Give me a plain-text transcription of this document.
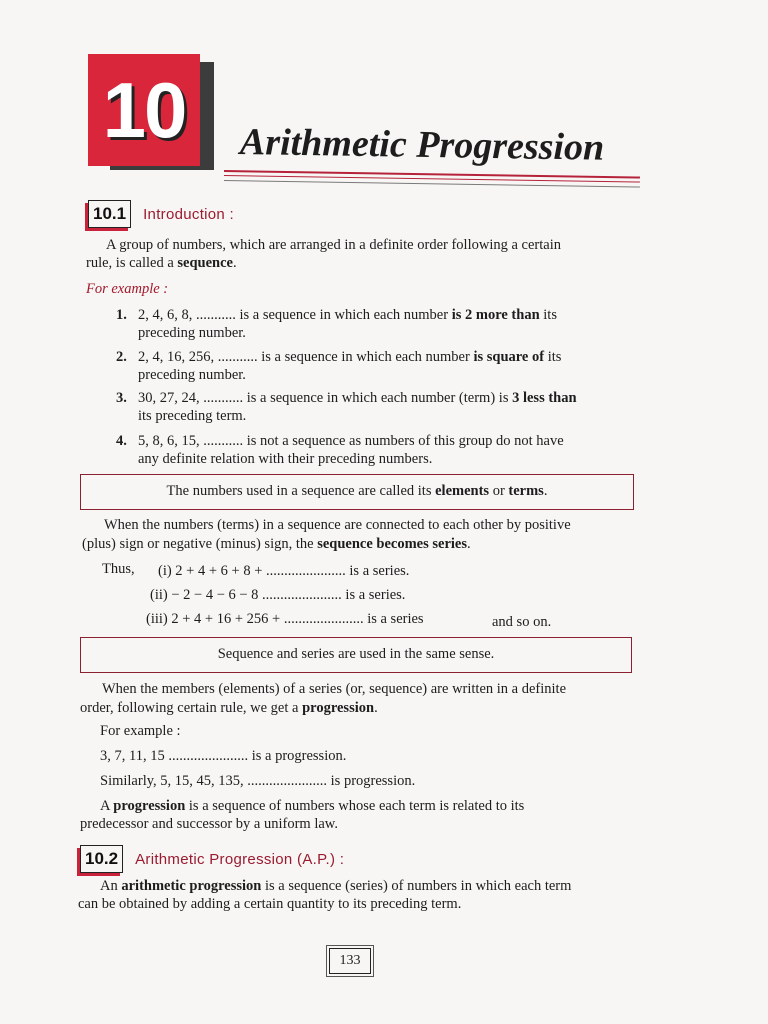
10 Arithmetic Progression
10.1	Introduction :
A group of numbers, which are arranged in a definite order following a certain
rule, is called a sequence.
For example :
1. 2, 4, 6, 8, ........... is a sequence in which each number is 2 more than its
preceding number.
2. 2, 4, 16, 256, ........... is a sequence in which each number is square of its
preceding number.
3. 30, 27, 24, ........... is a sequence in which each number (term) is 3 less than
its preceding term.
4. 5, 8, 6, 15, ........... is not a sequence as numbers of this group do not have
any definite relation with their preceding numbers.
The numbers used in a sequence are called its elements or terms.
When the numbers (terms) in a sequence are connected to each other by positive
(plus) sign or negative (minus) sign, the sequence becomes series.
Thus, (i) 2 + 4 + 6 + 8 + ...................... is a series.
(ii) − 2 − 4 − 6 − 8 ...................... is a series.
(iii) 2 + 4 + 16 + 256 + ...................... is a series	and so on.
Sequence and series are used in the same sense.
When the members (elements) of a series (or, sequence) are written in a definite
order, following certain rule, we get a progression.
For example :
3, 7, 11, 15 ...................... is a progression.
Similarly, 5, 15, 45, 135, ...................... is progression.
A progression is a sequence of numbers whose each term is related to its
predecessor and successor by a uniform law.
10.2	Arithmetic Progression (A.P.) :
An arithmetic progression is a sequence (series) of numbers in which each term
can be obtained by adding a certain quantity to its preceding term.
133
